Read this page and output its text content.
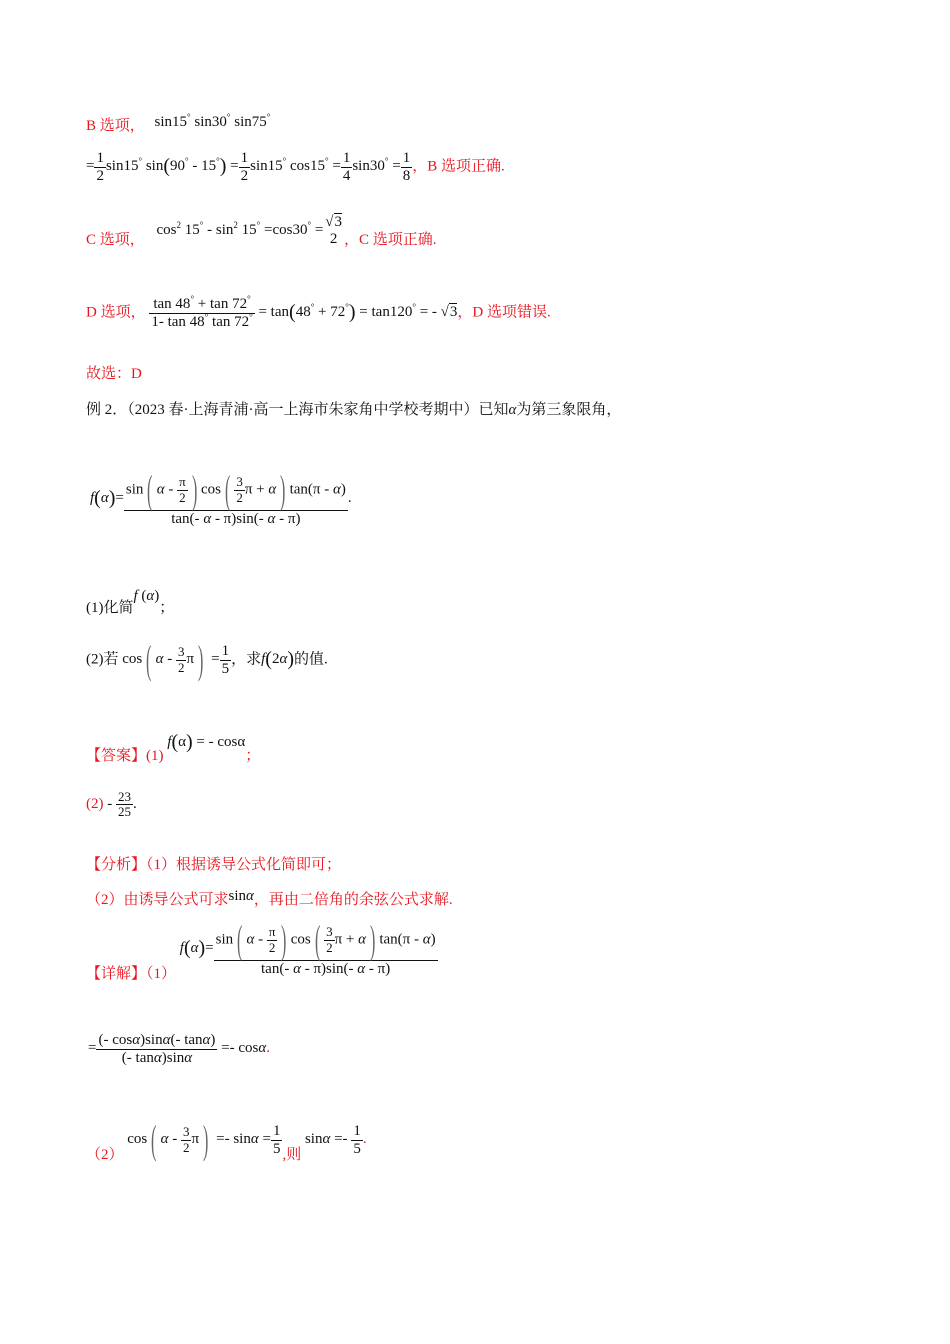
B 选项， sin15° sin30° sin75°
= $\frac{1}{2} \sin 15^\circ$ $\sin(90^\circ - 15^\circ) = \frac{1}{2} \sin 15^\circ$ $\cos 15^\circ = \frac{1}{4} \sin 30^\circ = \frac{1}{8}$ ，B 选项正确.
C 选项， $\cos^2 15^\circ - \sin^2 15^\circ =\cos 30^\circ = √3$
2 ，C 选项正确.
D 选项， $\frac{\tan 48^\circ + \tan 72^\circ}{1- \tan 48^\circ \tan 72^\circ} = \tan(48^\circ + 72^\circ) = \tan 120^\circ$ = - √3，D 选项错误.
故选：D
例 2．（2023 春·上海青浦·高一上海市朱家角中学校考期中）已知α为第三象限角，
$f(\alpha)= \frac{\sin( \alpha - \frac{\pi}{2} ) \cos( \frac{3}{2} \pi + \alpha) \tan(\pi - \alpha)}{\tan(- \alpha - \pi)\sin(- \alpha - \pi)}$ .
(1)化简f (α)；
(2)若 cos( $\alpha - \frac{3}{2} \pi) = \frac{1}{5}$ ，求f(2α)的值.
【答案】(1) f(α) = - cosα；
$(2) - \frac{23}{25}$ .
【分析】（1）根据诱导公式化简即可；
（2）由诱导公式可求sinα，再由二倍角的余弦公式求解.
【详解】（1） $f(\alpha)= \frac{\sin( \alpha - \frac{\pi}{2} ) \cos( \frac{3}{2} \pi + \alpha) \tan(\pi - \alpha)}{\tan(- \alpha - \pi)\sin(- \alpha - \pi)}$
= $\frac{(- \cos\alpha)\sin\alpha(- \tan\alpha)}{(- \tan\alpha)\sin\alpha} =- \cos\alpha$.
（2） cos( $\alpha - \frac{3}{2} \pi) =- \sin\alpha = \frac{1}{5}$ ,则 $\sin\alpha =- \frac{1}{5}$ .
